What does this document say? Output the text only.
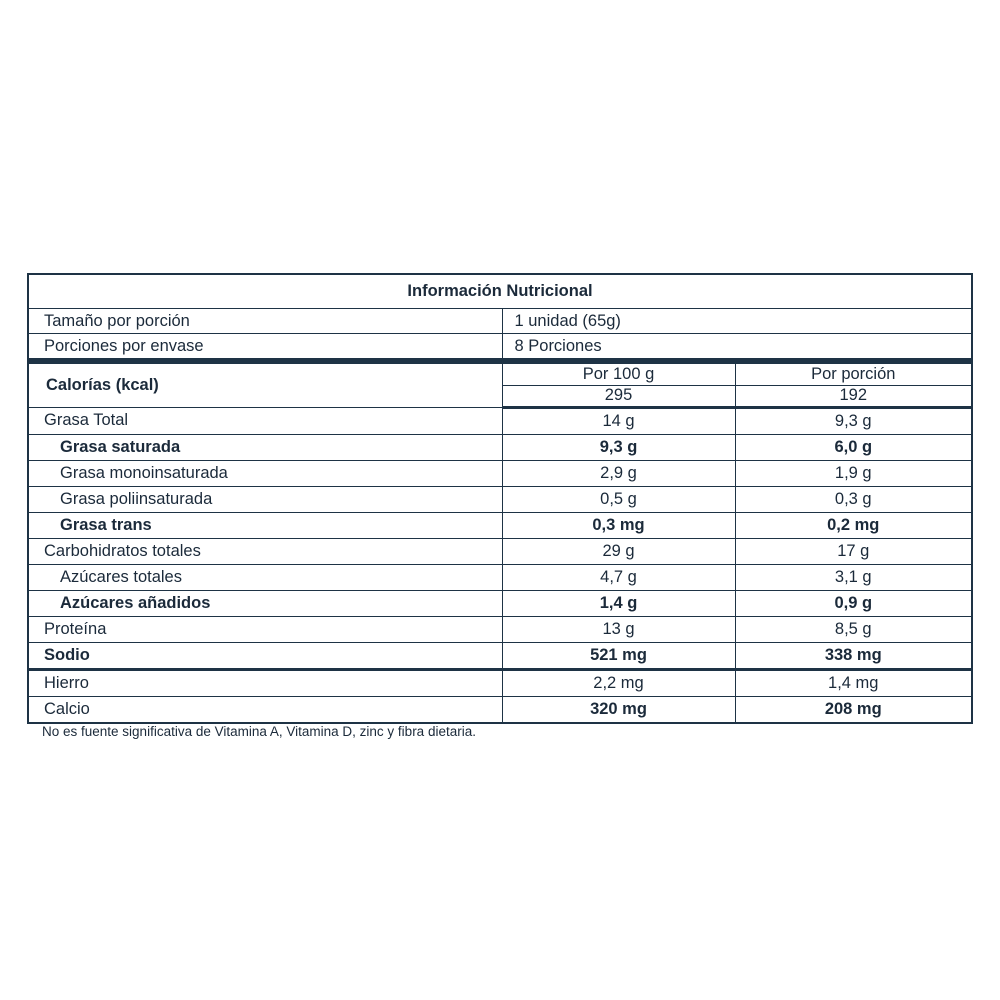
Información Nutricional		
Tamaño por porción	1 unidad (65g)	
Porciones por envase	8 Porciones	
Calorías (kcal)	Por 100 g	Por porción
	295	192
Grasa Total	14 g	9,3 g
Grasa saturada	9,3 g	6,0 g
Grasa monoinsaturada	2,9 g	1,9 g
Grasa poliinsaturada	0,5 g	0,3 g
Grasa trans	0,3 mg	0,2 mg
Carbohidratos totales	29 g	17 g
Azúcares totales	4,7 g	3,1 g
Azúcares añadidos	1,4 g	0,9 g
Proteína	13 g	8,5 g
Sodio	521 mg	338 mg
Hierro	2,2 mg	1,4 mg
Calcio	320 mg	208 mg
No es fuente significativa de Vitamina A, Vitamina D, zinc y fibra dietaria.
